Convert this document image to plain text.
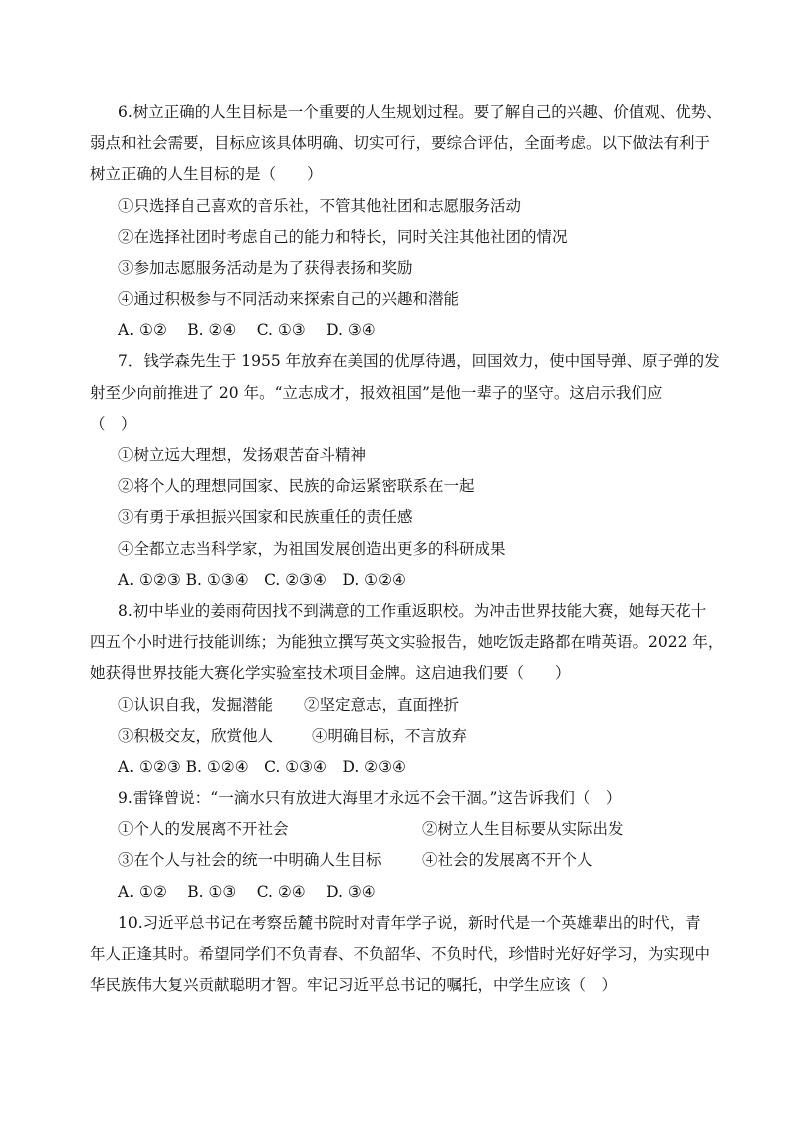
6.树立正确的人生目标是一个重要的人生规划过程。要了解自己的兴趣、价值观、优势、
弱点和社会需要，目标应该具体明确、切实可行，要综合评估，全面考虑。以下做法有利于
树立正确的人生目标的是（　　）
①只选择自己喜欢的音乐社，不管其他社团和志愿服务活动
②在选择社团时考虑自己的能力和特长，同时关注其他社团的情况
③参加志愿服务活动是为了获得表扬和奖励
④通过积极参与不同活动来探索自己的兴趣和潜能
A. ①②　 B. ②④　 C. ①③　 D. ③④
7．钱学森先生于 1955 年放弃在美国的优厚待遇，回国效力，使中国导弹、原子弹的发
射至少向前推进了 20 年。“立志成才，报效祖国”是他一辈子的坚守。这启示我们应
（　）
①树立远大理想，发扬艰苦奋斗精神
②将个人的理想同国家、民族的命运紧密联系在一起
③有勇于承担振兴国家和民族重任的责任感
④全都立志当科学家，为祖国发展创造出更多的科研成果
A. ①②③ B. ①③④　C. ②③④　D. ①②④
8.初中毕业的姜雨荷因找不到满意的工作重返职校。为冲击世界技能大赛，她每天花十
四五个小时进行技能训练；为能独立撰写英文实验报告，她吃饭走路都在啃英语。2022 年，
她获得世界技能大赛化学实验室技术项目金牌。这启迪我们要（　　）
①认识自我，发掘潜能 ②坚定意志，直面挫折
③积极交友，欣赏他人	④明确目标，不言放弃
A. ①②③ B. ①②④　C. ①③④　D. ②③④
9.雷锋曾说：“一滴水只有放进大海里才永远不会干涸。”这告诉我们（　）
①个人的发展离不开社会	②树立人生目标要从实际出发
③在个人与社会的统一中明确人生目标	④社会的发展离不开个人
A. ①②　 B. ①③　 C. ②④　 D. ③④
10.习近平总书记在考察岳麓书院时对青年学子说，新时代是一个英雄辈出的时代，青
年人正逢其时。希望同学们不负青春、不负韶华、不负时代，珍惜时光好好学习，为实现中
华民族伟大复兴贡献聪明才智。牢记习近平总书记的嘱托，中学生应该（　）
